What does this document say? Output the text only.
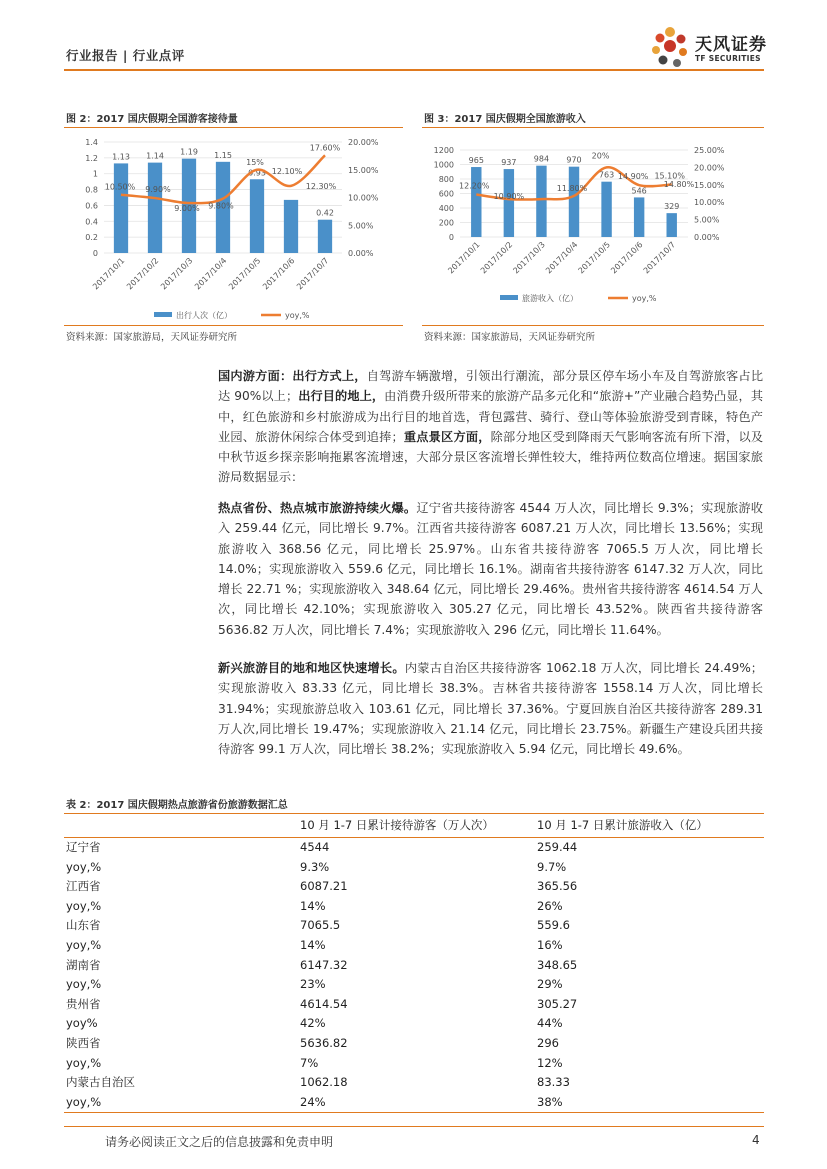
行业报告 | 行业点评
天风证券
TF SECURITIES
图 2：2017 国庆假期全国游客接待量
0
0.2
0.4
0.6
0.8
1
1.2
1.4
0.00%
5.00%
10.00%
15.00%
20.00%
1.13 1.14 1.19 1.15
0.93
0.42
2017/10/1
2017/10/2
2017/10/3
2017/10/4
2017/10/5
2017/10/6
2017/10/7
10.50% 9.90%
9.00% 9.80%
15%
12.10%
17.60%
12.30%
出行人次（亿）	yoy,%
资料来源：国家旅游局，天风证券研究所
图 3：2017 国庆假期全国旅游收入
0
200
400
600
800
1000
1200
0.00%
5.00%
10.00%
15.00%
20.00%
25.00%
965 937 984 970
763
546
329
2017/10/1
2017/10/2
2017/10/3
2017/10/4
2017/10/5
2017/10/6
2017/10/7
12.20%
10.90%
11.80%
20%
14.90% 15.10%
14.80%
旅游收入（亿）	yoy,%
资料来源：国家旅游局，天风证券研究所
国内游方面：出行方式上，自驾游车辆激增，引领出行潮流，部分景区停车场小车及自驾游旅客占比达 90%以上；出行目的地上，由消费升级所带来的旅游产品多元化和“旅游+”产业融合趋势凸显，其中，红色旅游和乡村旅游成为出行目的地首选，背包露营、骑行、登山等体验旅游受到青睐，特色产业园、旅游休闲综合体受到追捧；重点景区方面，除部分地区受到降雨天气影响客流有所下滑，以及中秋节返乡探亲影响拖累客流增速，大部分景区客流增长弹性较大，维持两位数高位增速。据国家旅游局数据显示：
热点省份、热点城市旅游持续火爆。辽宁省共接待游客 4544 万人次，同比增长 9.3%；实现旅游收入 259.44 亿元，同比增长 9.7%。江西省共接待游客 6087.21 万人次，同比增长 13.56%；实现旅游收入 368.56 亿元，同比增长 25.97%。山东省共接待游客 7065.5 万人次，同比增长 14.0%；实现旅游收入 559.6 亿元，同比增长 16.1%。湖南省共接待游客 6147.32 万人次，同比增长 22.71 %；实现旅游收入 348.64 亿元，同比增长 29.46%。贵州省共接待游客 4614.54 万人次，同比增长 42.10%；实现旅游收入 305.27 亿元，同比增长 43.52%。陕西省共接待游客 5636.82 万人次，同比增长 7.4%；实现旅游收入 296 亿元，同比增长 11.64%。
新兴旅游目的地和地区快速增长。内蒙古自治区共接待游客 1062.18 万人次，同比增长 24.49%；实现旅游收入 83.33 亿元，同比增长 38.3%。吉林省共接待游客 1558.14 万人次，同比增长 31.94%；实现旅游总收入 103.61 亿元，同比增长 37.36%。宁夏回族自治区共接待游客 289.31 万人次,同比增长 19.47%；实现旅游收入 21.14 亿元，同比增长 23.75%。新疆生产建设兵团共接待游客 99.1 万人次，同比增长 38.2%；实现旅游收入 5.94 亿元，同比增长 49.6%。
表 2：2017 国庆假期热点旅游省份旅游数据汇总
	10 月 1-7 日累计接待游客（万人次）	10 月 1-7 日累计旅游收入（亿）
辽宁省	4544	259.44
yoy,%	9.3%	9.7%
江西省	6087.21	365.56
yoy,%	14%	26%
山东省	7065.5	559.6
yoy,%	14%	16%
湖南省	6147.32	348.65
yoy,%	23%	29%
贵州省	4614.54	305.27
yoy%	42%	44%
陕西省	5636.82	296
yoy,%	7%	12%
内蒙古自治区	1062.18	83.33
yoy,%	24%	38%
请务必阅读正文之后的信息披露和免责申明	4
